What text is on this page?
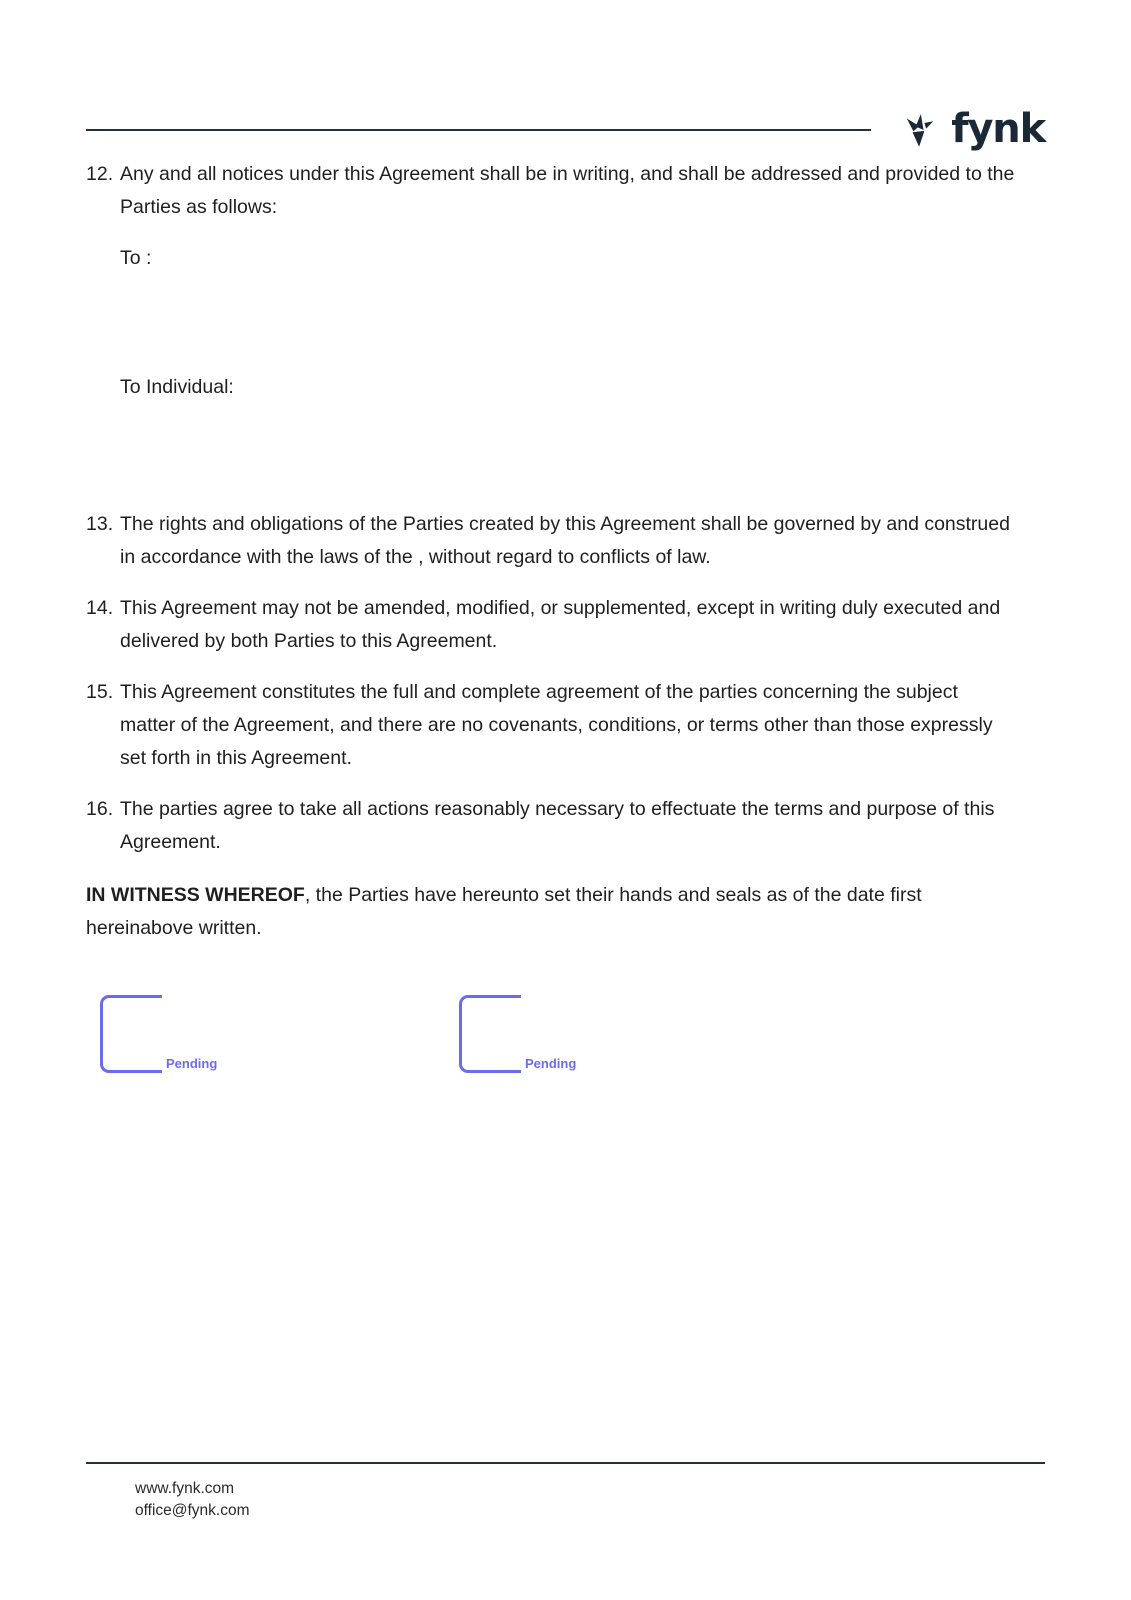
fynk
12. Any and all notices under this Agreement shall be in writing, and shall be addressed and provided to the Parties as follows:
To :
To Individual:
13. The rights and obligations of the Parties created by this Agreement shall be governed by and construed in accordance with the laws of the , without regard to conflicts of law.
14. This Agreement may not be amended, modified, or supplemented, except in writing duly executed and delivered by both Parties to this Agreement.
15. This Agreement constitutes the full and complete agreement of the parties concerning the subject matter of the Agreement, and there are no covenants, conditions, or terms other than those expressly set forth in this Agreement.
16. The parties agree to take all actions reasonably necessary to effectuate the terms and purpose of this Agreement.
IN WITNESS WHEREOF, the Parties have hereunto set their hands and seals as of the date first hereinabove written.
Pending	Pending
www.fynk.com
office@fynk.com
